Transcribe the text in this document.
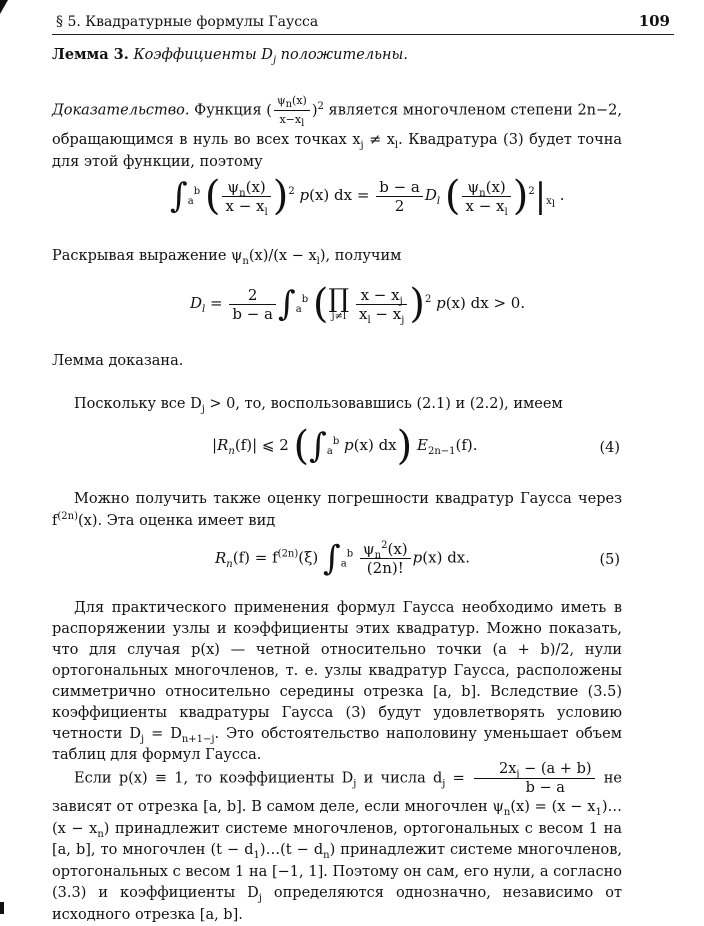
§ 5. Квадратурные формулы Гаусса	109
Лемма 3. Коэффициенты $D_j$ положительны.
Доказательство. Функция ( $\frac{\psi_n(x)}{x-x_l} )^2$ является многочленом степени 2n−2, обращающимся в нуль во всех точках $x_j \ne x_l$. Квадратура (3) будет точна для этой функции, поэтому
$\int_a^b$ ( $\frac{\psi_n(x)}{x - x_l} )^2$ p(x) dx = $\frac{b - a}{2} D_l$ ( $\frac{\psi_n(x)}{x - x_l} )^2|_{x_l}$ .
Раскрывая выражение $\psi_n(x)/(x - x_l)$, получим
$D_l = \frac{2}{b - a} \int_a^b$ ( ∏
j≠l
$\frac{x - x_j}{x_l - x_j} )^2$ p(x) dx > 0.
Лемма доказана.
Поскольку все $D_j > 0$, то, воспользовавшись (2.1) и (2.2), имеем
$|R_n(f)|$ ⩽ 2 ($\int_a^b$ p(x) dx) $E_{2n-1}(f)$.	(4)
Можно получить также оценку погрешности квадратур Гаусса через $f^{(2n)}(x)$. Эта оценка имеет вид
$R_n(f) = f^{(2n)}(\xi)$ $\int_a^b \frac{\psi_n^2(x)}{(2n)!} p(x)$ dx.	(5)
Для практического применения формул Гаусса необходимо иметь в распоряжении узлы и коэффициенты этих квадратур. Можно показать, что для случая p(x) — четной относительно точки (a + b)/2, нули ортогональных многочленов, т. е. узлы квадратур Гаусса, расположены симметрично относительно середины отрезка [a, b]. Вследствие (3.5) коэффициенты квадратуры Гаусса (3) будут удовлетворять условию четности $D_j = D_{n+1-j}$. Это обстоятельство наполовину уменьшает объем таблиц для формул Гаусса.
Если p(x) ≡ 1, то коэффициенты $D_j$ и числа $d_j = \frac{2x_j - (a + b)}{b - a}$ не зависят от отрезка [a, b]. В самом деле, если многочлен $\psi_n(x) = (x$ − $x_1)\dots(x - x_n)$ принадлежит системе многочленов, ортогональных с весом 1 на [a, b], то многочлен $(t - d_1)\dots(t - d_n)$ принадлежит системе многочленов, ортогональных с весом 1 на [−1, 1]. Поэтому он сам, его нули, а согласно (3.3) и коэффициенты $D_j$ определяются однозначно, независимо от исходного отрезка [a, b].
